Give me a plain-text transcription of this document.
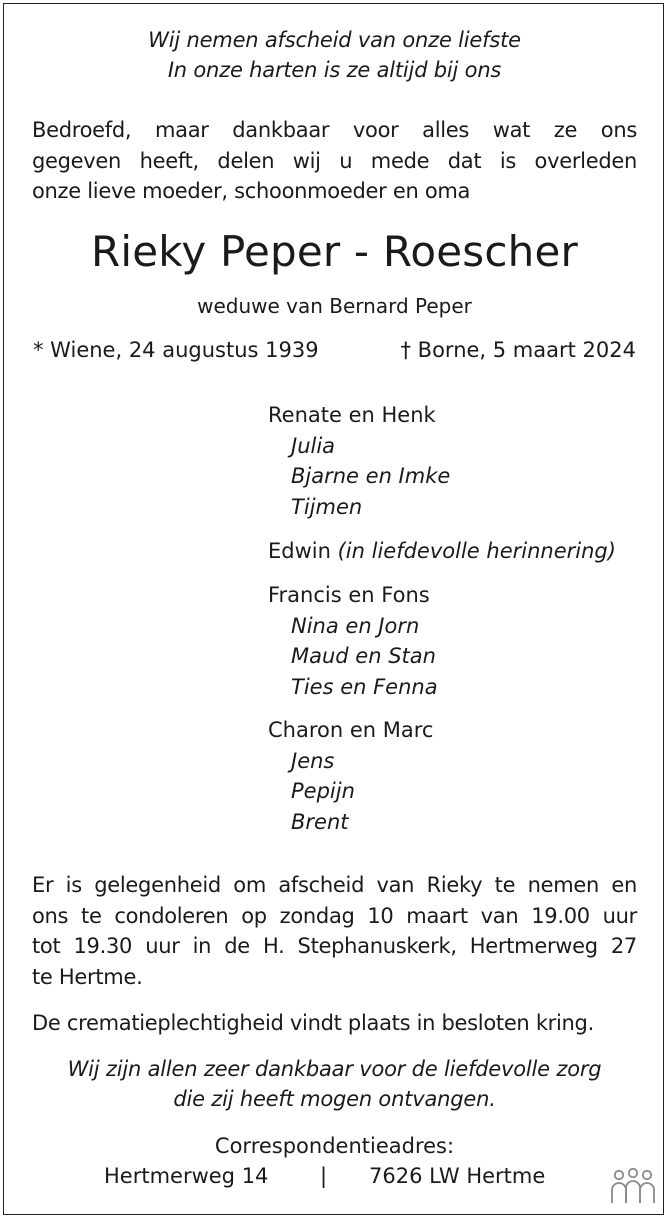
Wij nemen afscheid van onze liefste

In onze harten is ze altijd bij ons

Bedroefd, maar dankbaar voor alles wat ze ons
gegeven heeft, delen wij u mede dat is overleden
onze lieve moeder, schoonmoeder en oma

Rieky Peper - Roescher

weduwe van Bernard Peper

* Wiene, 24 augustus 1939	† Borne, 5 maart 2024

Renate en Henk
Julia
Bjarne en Imke
Tijmen
Edwin (in liefdevolle herinnering)
Francis en Fons
Nina en Jorn
Maud en Stan
Ties en Fenna
Charon en Marc
Jens
Pepijn
Brent
Er is gelegenheid om afscheid van Rieky te nemen en
ons te condoleren op zondag 10 maart van 19.00 uur
tot 19.30 uur in de H. Stephanuskerk, Hertmerweg 27
te Hertme.

De crematieplechtigheid vindt plaats in besloten kring.

Wij zijn allen zeer dankbaar voor de liefdevolle zorg

die zij heeft mogen ontvangen.

Correspondentieadres:

Hertmerweg 14 | 7626 LW Hertme
